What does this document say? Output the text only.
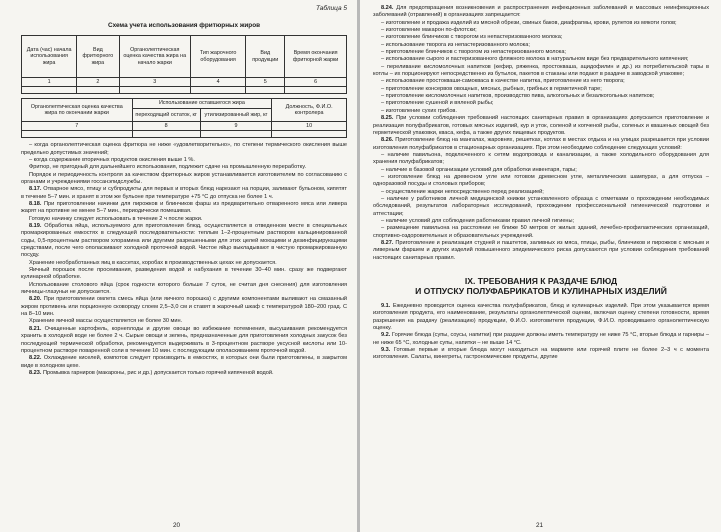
Таблица 5
Схема учета использования фритюрных жиров
Дата (час) начала использования жира	Вид фритюрного жира	Органолептическая оценка качества жира на начало жарки	Тип жарочного оборудования	Вид продукции	Время окончания фритюрной жарки
1	2	3	4	5	6

Органолептическая оценка качества жира по окончании жарки	Использование оставшегося жира		Должность, Ф.И.О. контролера
	переходящий остаток, кг	утилизированный жир, кг	
7	8	9	10

– когда органолептическая оценка фритюра не ниже «удовлетворительно», по степени термического окисления выше предельно допустимых значений;

– когда содержание вторичных продуктов окисления выше 1 %.

Фритюр, не пригодный для дальнейшего использования, подлежит сдаче на промышленную переработку.

Порядок и периодичность контроля за качеством фритюрных жиров устанавливается изготовителем по согласованию с органами и учреждениями госсанэпидслужбы.

8.17. Отварное мясо, птицу и субпродукты для первых и вторых блюд нарезают на порции, заливают бульоном, кипятят в течение 5–7 мин. и хранят в этом же бульоне при температуре +75 °С до отпуска не более 1 ч.

8.18. При приготовлении начинки для пирожков и блинчиков фарш из предварительно отваренного мяса или ливера жарят на противне не менее 5–7 мин., периодически помешивая.

Готовую начинку следует использовать в течение 2 ч после жарки.

8.19. Обработка яйца, используемого для приготовления блюд, осуществляется в отведенном месте в специальных промаркированных емкостях в следующей последовательности: теплым 1–2-процентным раствором кальцинированной соды, 0,5-процентным раствором хлорамина или другими разрешенными для этих целей моющими и дезинфицирующими средствами, после чего ополаскивают холодной проточной водой. Чистое яйцо выкладывают в чистую промаркированную посуду.

Хранение необработанных яиц в кассетах, коробах в производственных цехах не допускается.

Яичный порошок после просеивания, разведения водой и набухания в течение 30–40 мин. сразу же подвергают кулинарной обработке.

Использование столового яйца (срок годности которого больше 7 суток, не считая дня снесения) для изготовления яичницы-глазуньи не допускается.

8.20. При приготовлении омлета смесь яйца (или яичного порошка) с другими компонентами выливают на смазанный жиром противень или порционную сковороду слоем 2,5–3,0 см и ставят в жарочный шкаф с температурой 180–200 град. С на 8–10 мин.

Хранение яичной массы осуществляется не более 30 мин.

8.21. Очищенные картофель, корнеплоды и другие овощи во избежание потемнения, высушивания рекомендуется хранить в холодной воде не более 2 ч. Сырые овощи и зелень, предназначенные для приготовления холодных закусок без последующей термической обработки, рекомендуется выдерживать в 3-процентном растворе уксусной кислоты или 10-процентном растворе поваренной соли в течение 10 мин. с последующим ополаскиванием проточной водой.

8.22. Охлаждение киселей, компотов следует производить в емкостях, в которых они были приготовлены, в закрытом виде в холодном цехе.

8.23. Промывка гарниров (макароны, рис и др.) допускается только горячей кипяченой водой.

20

8.24. Для предотвращения возникновения и распространения инфекционных заболеваний и массовых неинфекционных заболеваний (отравлений) в организациях запрещается:

– изготовление и продажа изделий из мясной обрези, свиных баков, диафрагмы, крови, рулетов из мякоти голов;

– изготовление макарон по-флотски;

– изготовление блинчиков с творогом из непастеризованного молока;

– использование творога из непастеризованного молока;

– приготовление блинчиков с творогом из непастеризованного молока;

– использование сырого и пастеризованного фляжного молока в натуральном виде без предварительного кипячения;

– переливание кисломолочных напитков (кефир, ряженка, простокваша, ацидофилин и др.) из потребительской тары в котлы – их порционируют непосредственно из бутылок, пакетов в стаканы или подают в раздаче в заводской упаковке;

– использование простокваши-самокваса в качестве напитка, приготовление из него творога;

– приготовление консервов овощных, мясных, рыбных, грибных в герметичной таре;

– приготовление кисломолочных напитков, производство пива, алкогольных и безалкогольных напитков;

– приготовление сушеной и вяленой рыбы;

– изготовление сухих грибов.

8.25. При условии соблюдения требований настоящих санитарных правил в организациях допускается приготовление и реализация полуфабрикатов, готовых мясных изделий, кур и уток, соленой и копченой рыбы, соленых и квашеных овощей без герметической упаковки, кваса, кефа, а также других пищевых продуктов.

8.26. Приготовление блюд на мангалах, жаровнях, решетках, котлах в местах отдыха и на улицах разрешается при условии изготовления полуфабрикатов в стационарных организациях. При этом необходимо соблюдение следующих условий:

– наличие павильона, подключенного к сетям водопровода и канализации, а также холодильного оборудования для хранения полуфабрикатов;

– наличие в базовой организации условий для обработки инвентаря, тары;

– изготовление блюд на древесном угле или готовом древесном угле, металлических шампурах, а для отпуска – одноразовой посуды и столовых приборов;

– осуществление жарки непосредственно перед реализацией;

– наличие у работников личной медицинской книжки установленного образца с отметками о прохождении необходимых обследований, результатов лабораторных исследований, прохождении профессиональной гигиенической подготовки и аттестации;

– наличие условий для соблюдения работниками правил личной гигиены;

– размещение павильона на расстоянии не ближе 50 метров от жилых зданий, лечебно-профилактических организаций, спортивно-оздоровительных и образовательных учреждений.

8.27. Приготовление и реализация студней и паштетов, заливных из мяса, птицы, рыбы, блинчиков и пирожков с мясным и ливерным фаршем и других изделий повышенного эпидемического риска допускаются при условии соблюдения требований настоящих санитарных правил.

IX. ТРЕБОВАНИЯ К РАЗДАЧЕ БЛЮД
И ОТПУСКУ ПОЛУФАБРИКАТОВ И КУЛИНАРНЫХ ИЗДЕЛИЙ

9.1. Ежедневно проводится оценка качества полуфабрикатов, блюд и кулинарных изделий. При этом указывается время изготовления продукта, его наименование, результаты органолептической оценки, включая оценку степени готовности, время разрешения на раздачу (реализацию) продукции, Ф.И.О. изготовителя продукции, Ф.И.О. проводившего органолептическую оценку.

9.2. Горячие блюда (супы, соусы, напитки) при раздаче должны иметь температуру не ниже 75 °С, вторые блюда и гарниры – не ниже 65 °С, холодные супы, напитки – не выше 14 °С.

9.3. Готовые первые и вторые блюда могут находиться на мармите или горячей плите не более 2–3 ч с момента изготовления. Салаты, винегреты, гастрономические продукты, другие

21
